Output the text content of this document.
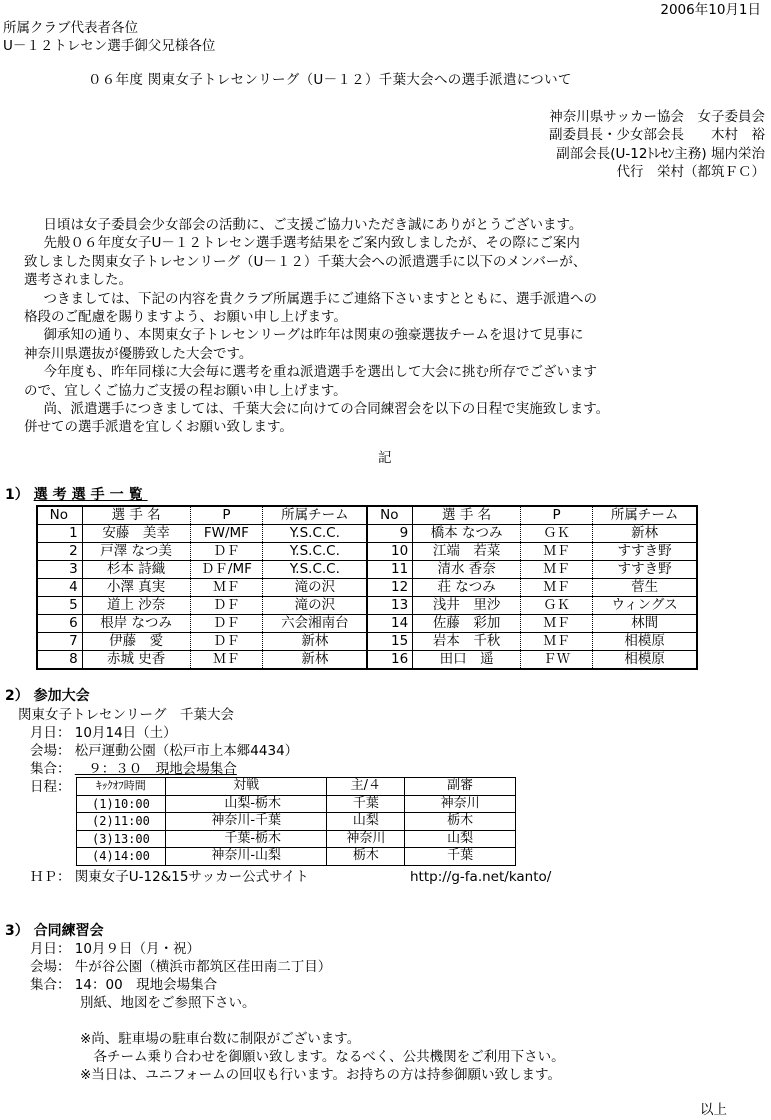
2006年10月1日
所属クラブ代表者各位
U－１２トレセン選手御父兄様各位
０６年度 関東女子トレセンリーグ（U－１２）千葉大会への選手派遣について
神奈川県サッカー協会　女子委員会
副委員長・少女部会長　　木村　裕
副部会長(U-12ﾄﾚｾﾝ主務) 堀内栄治
代行　栄村（都筑ＦＣ）
　日頃は女子委員会少女部会の活動に、ご支援ご協力いただき誠にありがとうございます。
　先般０６年度女子U－１２トレセン選手選考結果をご案内致しましたが、その際にご案内
致しました関東女子トレセンリーグ（U－１２）千葉大会への派遣選手に以下のメンバーが、
選考されました。
　つきましては、下記の内容を貴クラブ所属選手にご連絡下さいますとともに、選手派遣への
格段のご配慮を賜りますよう、お願い申し上げます。
　御承知の通り、本関東女子トレセンリーグは昨年は関東の強豪選抜チームを退けて見事に
神奈川県選抜が優勝致した大会です。
　今年度も、昨年同様に大会毎に選考を重ね派遣選手を選出して大会に挑む所存でございます
ので、宜しくご協力ご支援の程お願い申し上げます。
　尚、派遣選手につきましては、千葉大会に向けての合同練習会を以下の日程で実施致します。
併せての選手派遣を宜しくお願い致します。
記
1） 選考選手一覧
No	選 手 名	P	所属チーム	No	選 手 名	P	所属チーム
1	安藤　美幸	FW/MF	Y.S.C.C.	9	橋本 なつみ	ＧＫ	新林
2	戸澤 なつ美	ＤＦ	Y.S.C.C.	10	江端　若菜	ＭＦ	すすき野
3	杉本 詩織	ＤＦ/MF	Y.S.C.C.	11	清水 香奈	ＭＦ	すすき野
4	小澤 真実	ＭＦ	滝の沢	12	荘 なつみ	ＭＦ	菅生
5	道上 沙奈	ＤＦ	滝の沢	13	浅井　里沙	ＧＫ	ウィングス
6	根岸 なつみ	ＤＦ	六会湘南台	14	佐藤　彩加	ＭＦ	林間
7	伊藤　愛	ＤＦ	新林	15	岩本　千秋	ＭＦ	相模原
8	赤城 史香	ＭＦ	新林	16	田口　遥	ＦＷ	相模原
2） 参加大会
関東女子トレセンリーグ　千葉大会
月日： 10月14日（土）
会場： 松戸運動公園（松戸市上本郷4434）
集合： 　９：３０　現地会場集合
日程： ｷｯｸｵﾌ時間	対戦	主/４	副審
(1)10:00	　山梨-栃木	千葉	神奈川
(2)11:00	神奈川-千葉	山梨	栃木
(3)13:00	　千葉-栃木	神奈川	山梨
(4)14:00	神奈川-山梨	栃木	千葉
ＨＰ： 関東女子U-12&15サッカー公式サイト	http://g-fa.net/kanto/
3） 合同練習会
月日： 10月９日（月・祝）
会場： 牛が谷公園（横浜市都筑区荏田南二丁目）
集合： 14：00　現地会場集合
別紙、地図をご参照下さい。
※尚、駐車場の駐車台数に制限がございます。
　各チーム乗り合わせを御願い致します。なるべく、公共機関をご利用下さい。
※当日は、ユニフォームの回収も行います。お持ちの方は持参御願い致します。
以上
